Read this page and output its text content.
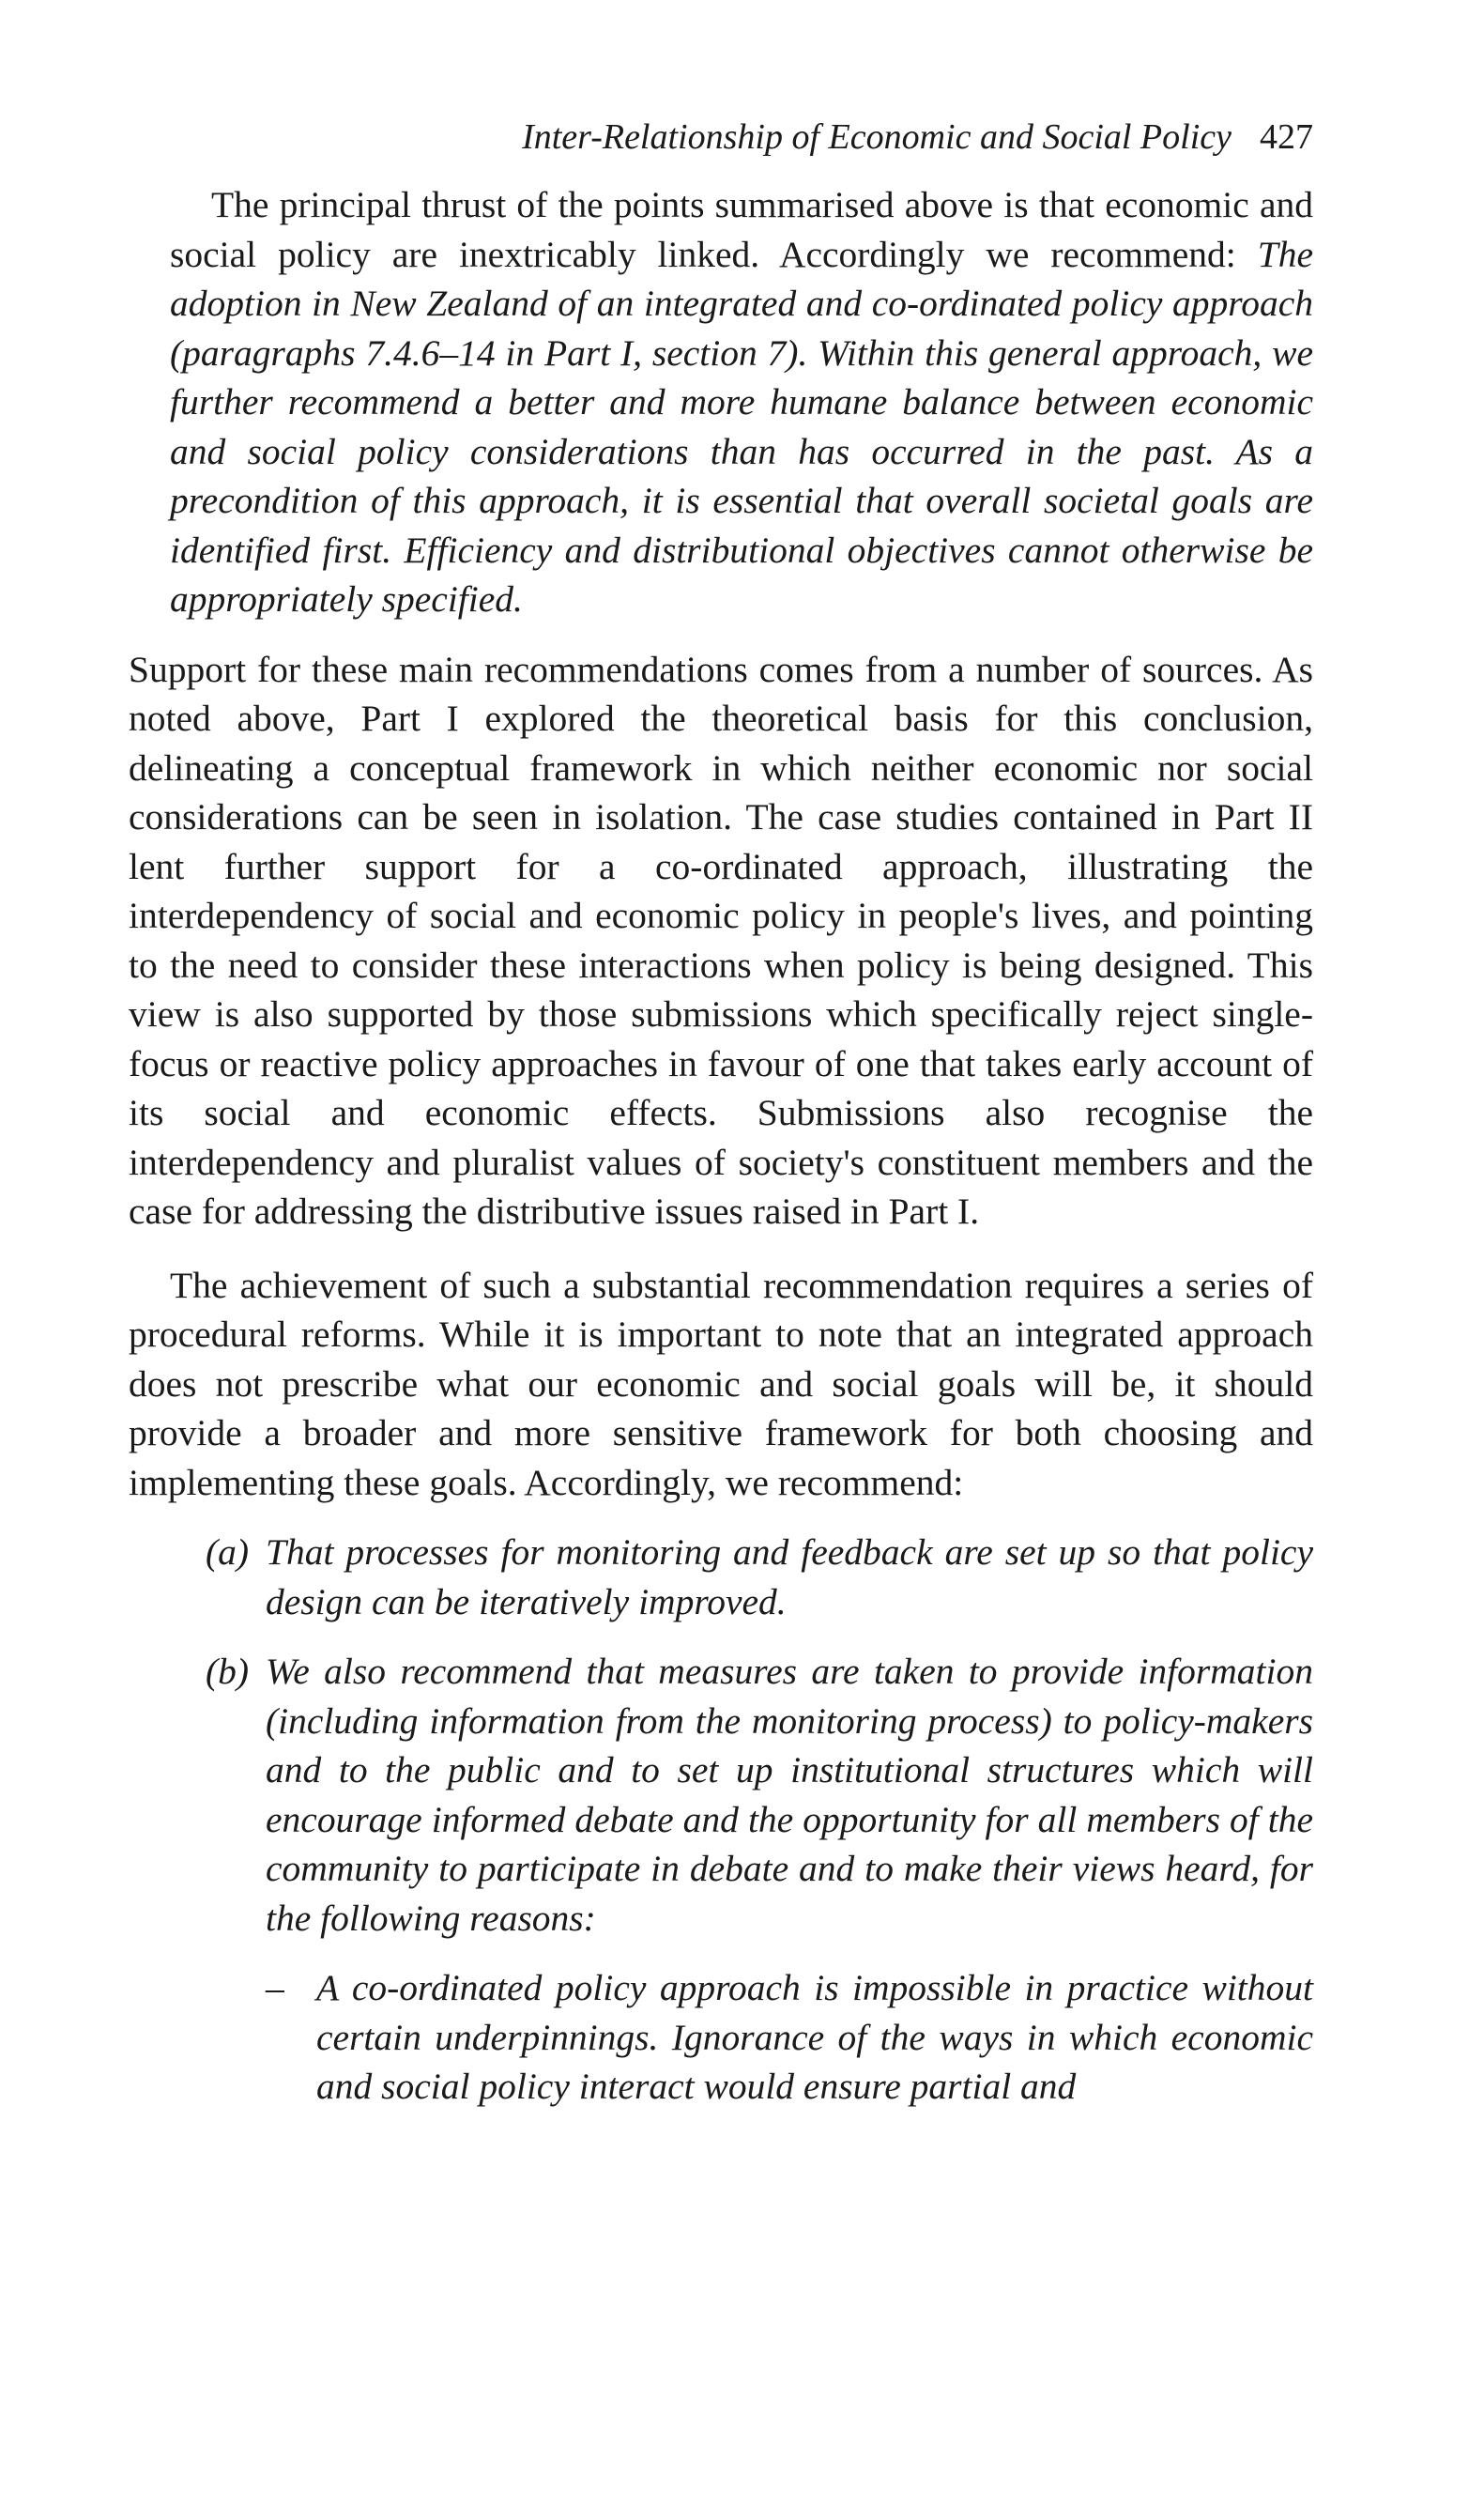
Inter-Relationship of Economic and Social Policy 427

The principal thrust of the points summarised above is that economic and social policy are inextricably linked. Accordingly we recommend: The adoption in New Zealand of an integrated and co-ordinated policy approach (paragraphs 7.4.6–14 in Part I, section 7). Within this general approach, we further recommend a better and more humane balance between economic and social policy considerations than has occurred in the past. As a precondition of this approach, it is essential that overall societal goals are identified first. Efficiency and distributional objectives cannot otherwise be appropriately specified.

Support for these main recommendations comes from a number of sources. As noted above, Part I explored the theoretical basis for this conclusion, delineating a conceptual framework in which neither economic nor social considerations can be seen in isolation. The case studies contained in Part II lent further support for a co-ordinated approach, illustrating the interdependency of social and economic policy in people's lives, and pointing to the need to consider these interactions when policy is being designed. This view is also supported by those submissions which specifically reject single-focus or reactive policy approaches in favour of one that takes early account of its social and economic effects. Submissions also recognise the interdependency and pluralist values of society's constituent members and the case for addressing the distributive issues raised in Part I.

The achievement of such a substantial recommendation requires a series of procedural reforms. While it is important to note that an integrated approach does not prescribe what our economic and social goals will be, it should provide a broader and more sensitive framework for both choosing and implementing these goals. Accordingly, we recommend:

(a) That processes for monitoring and feedback are set up so that policy design can be iteratively improved.
(b) We also recommend that measures are taken to provide information (including information from the monitoring process) to policy-makers and to the public and to set up institutional structures which will encourage informed debate and the opportunity for all members of the community to participate in debate and to make their views heard, for the following reasons:
– A co-ordinated policy approach is impossible in practice without certain underpinnings. Ignorance of the ways in which economic and social policy interact would ensure partial and
